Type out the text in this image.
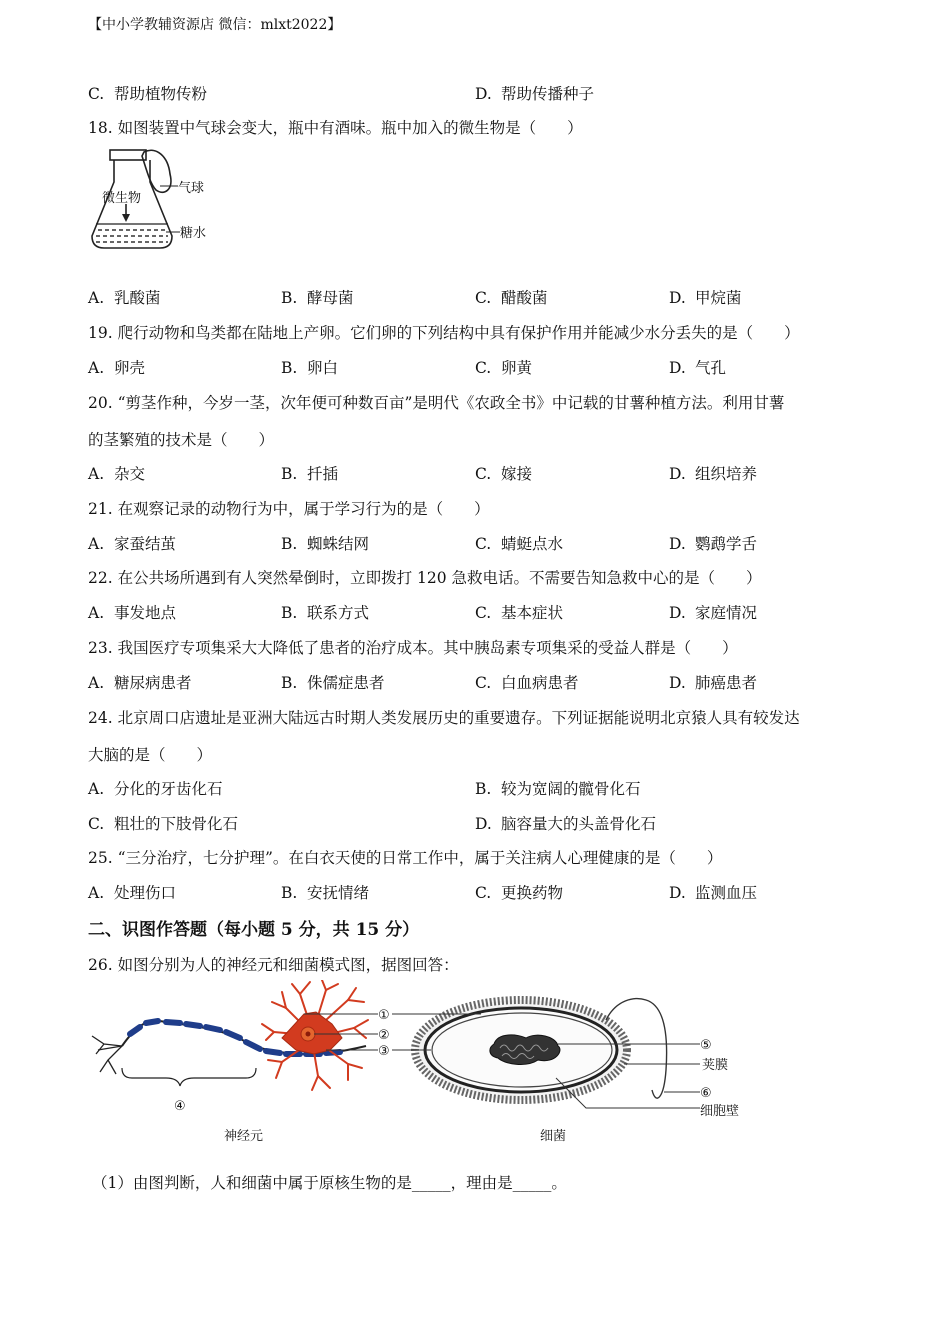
【中小学教辅资源店 微信：mlxt2022】
C. 帮助植物传粉	D. 帮助传播种子
18. 如图装置中气球会变大，瓶中有酒味。瓶中加入的微生物是（　　）
微生物
气球
糖水
A. 乳酸菌	B. 酵母菌	C. 醋酸菌	D. 甲烷菌
19. 爬行动物和鸟类都在陆地上产卵。它们卵的下列结构中具有保护作用并能减少水分丢失的是（　　）
A. 卵壳	B. 卵白	C. 卵黄	D. 气孔
20. “剪茎作种，今岁一茎，次年便可种数百亩”是明代《农政全书》中记载的甘薯种植方法。利用甘薯
的茎繁殖的技术是（　　）
A. 杂交	B. 扦插	C. 嫁接	D. 组织培养
21. 在观察记录的动物行为中，属于学习行为的是（　　）
A. 家蚕结茧	B. 蜘蛛结网	C. 蜻蜓点水	D. 鹦鹉学舌
22. 在公共场所遇到有人突然晕倒时，立即拨打 120 急救电话。不需要告知急救中心的是（　　）
A. 事发地点	B. 联系方式	C. 基本症状	D. 家庭情况
23. 我国医疗专项集采大大降低了患者的治疗成本。其中胰岛素专项集采的受益人群是（　　）
A. 糖尿病患者	B. 侏儒症患者	C. 白血病患者	D. 肺癌患者
24. 北京周口店遗址是亚洲大陆远古时期人类发展历史的重要遗存。下列证据能说明北京猿人具有较发达
大脑的是（　　）
A. 分化的牙齿化石	B. 较为宽阔的髋骨化石
C. 粗壮的下肢骨化石	D. 脑容量大的头盖骨化石
25. “三分治疗，七分护理”。在白衣天使的日常工作中，属于关注病人心理健康的是（　　）
A. 处理伤口	B. 安抚情绪	C. 更换药物	D. 监测血压
二、识图作答题（每小题 5 分，共 15 分）
26. 如图分别为人的神经元和细菌模式图，据图回答：
①
②
③
④
⑤
荚膜
⑥
细胞壁
神经元	细菌
（1）由图判断，人和细菌中属于原核生物的是_____，理由是_____。
